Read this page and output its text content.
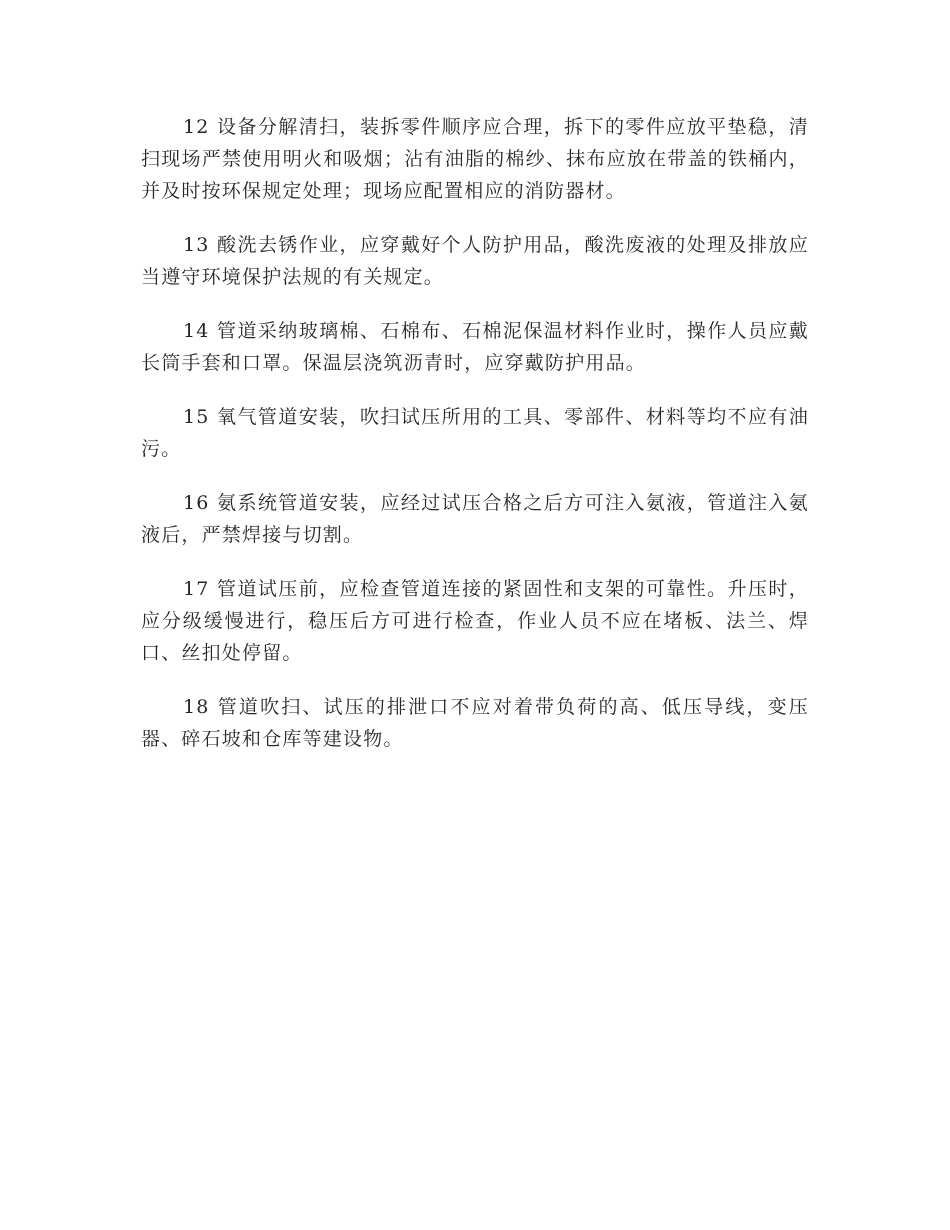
12 设备分解清扫，装拆零件顺序应合理，拆下的零件应放平垫稳，清扫现场严禁使用明火和吸烟；沾有油脂的棉纱、抹布应放在带盖的铁桶内，并及时按环保规定处理；现场应配置相应的消防器材。

13 酸洗去锈作业，应穿戴好个人防护用品，酸洗废液的处理及排放应当遵守环境保护法规的有关规定。

14 管道采纳玻璃棉、石棉布、石棉泥保温材料作业时，操作人员应戴长筒手套和口罩。保温层浇筑沥青时，应穿戴防护用品。

15 氧气管道安装，吹扫试压所用的工具、零部件、材料等均不应有油污。

16 氨系统管道安装，应经过试压合格之后方可注入氨液，管道注入氨液后，严禁焊接与切割。

17 管道试压前，应检查管道连接的紧固性和支架的可靠性。升压时，应分级缓慢进行，稳压后方可进行检查，作业人员不应在堵板、法兰、焊口、丝扣处停留。

18 管道吹扫、试压的排泄口不应对着带负荷的高、低压导线，变压器、碎石坡和仓库等建设物。
